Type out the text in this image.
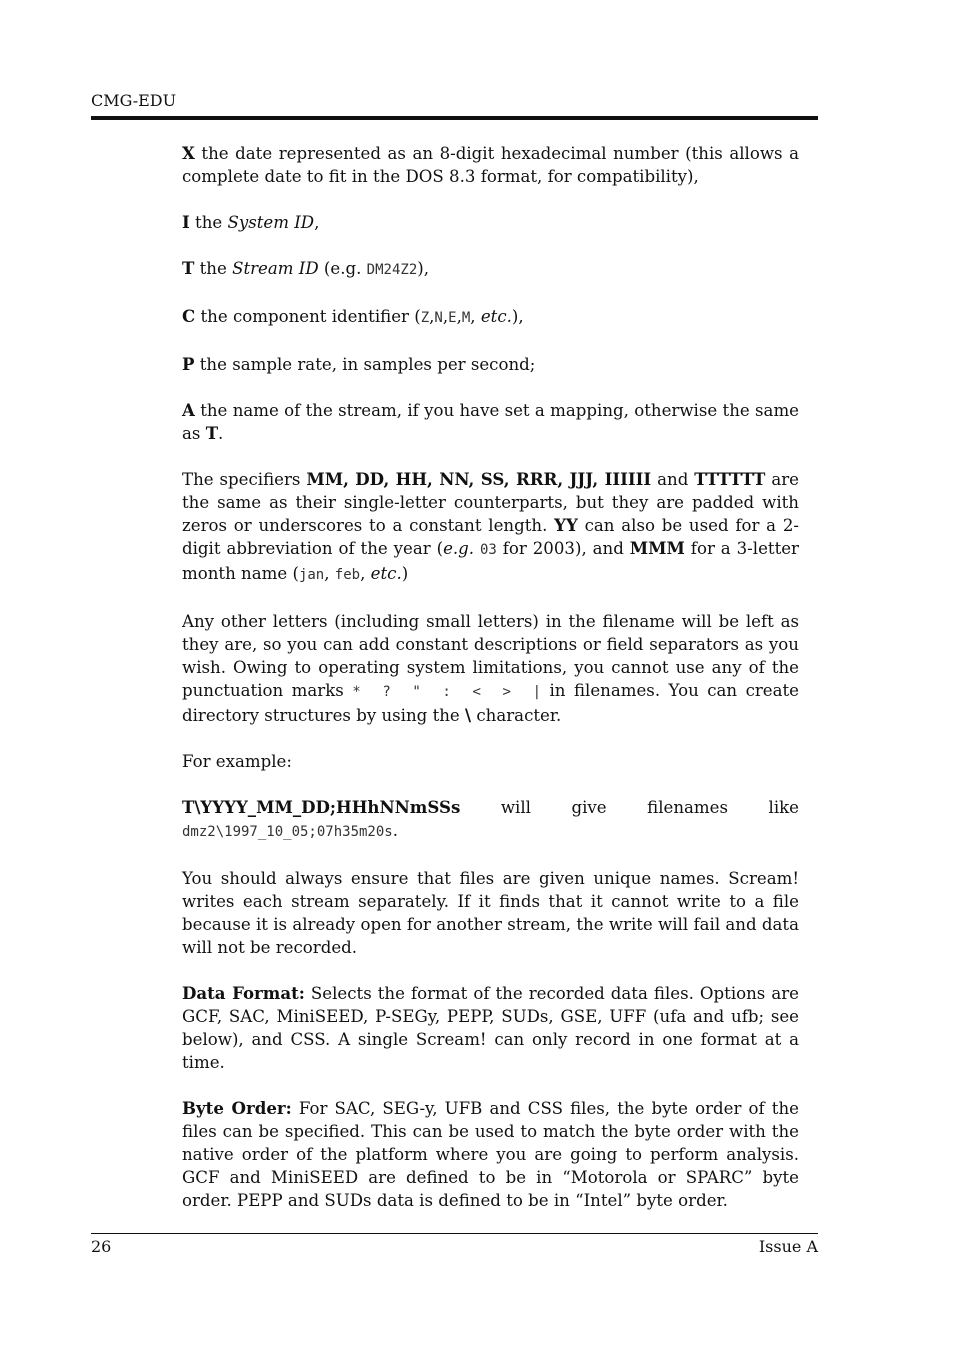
CMG-EDU

X the date represented as an 8-digit hexadecimal number (this allows a complete date to fit in the DOS 8.3 format, for compatibility),

I the System ID,

T the Stream ID (e.g. DM24Z2),

C the component identifier (Z,N,E,M, etc.),

P the sample rate, in samples per second;

A the name of the stream, if you have set a mapping, otherwise the same as T.

The specifiers MM, DD, HH, NN, SS, RRR, JJJ, IIIIII and TTTTTT are the same as their single-letter counterparts, but they are padded with zeros or underscores to a constant length. YY can also be used for a 2-digit abbreviation of the year (e.g. 03 for 2003), and MMM for a 3-letter month name (jan, feb, etc.)

Any other letters (including small letters) in the filename will be left as they are, so you can add constant descriptions or field separators as you wish. Owing to operating system limitations, you cannot use any of the punctuation marks * ? " : < > | in filenames. You can create directory structures by using the \ character.

For example:

T\YYYY_MM_DD;HHhNNmSSs will give filenames like
dmz2\1997_10_05;07h35m20s.

You should always ensure that files are given unique names. Scream! writes each stream separately. If it finds that it cannot write to a file because it is already open for another stream, the write will fail and data will not be recorded.

Data Format: Selects the format of the recorded data files. Options are GCF, SAC, MiniSEED, P-SEGy, PEPP, SUDs, GSE, UFF (ufa and ufb; see below), and CSS. A single Scream! can only record in one format at a time.

Byte Order: For SAC, SEG-y, UFB and CSS files, the byte order of the files can be specified. This can be used to match the byte order with the native order of the platform where you are going to perform analysis. GCF and MiniSEED are defined to be in “Motorola or SPARC” byte order. PEPP and SUDs data is defined to be in “Intel” byte order.

26	Issue A
